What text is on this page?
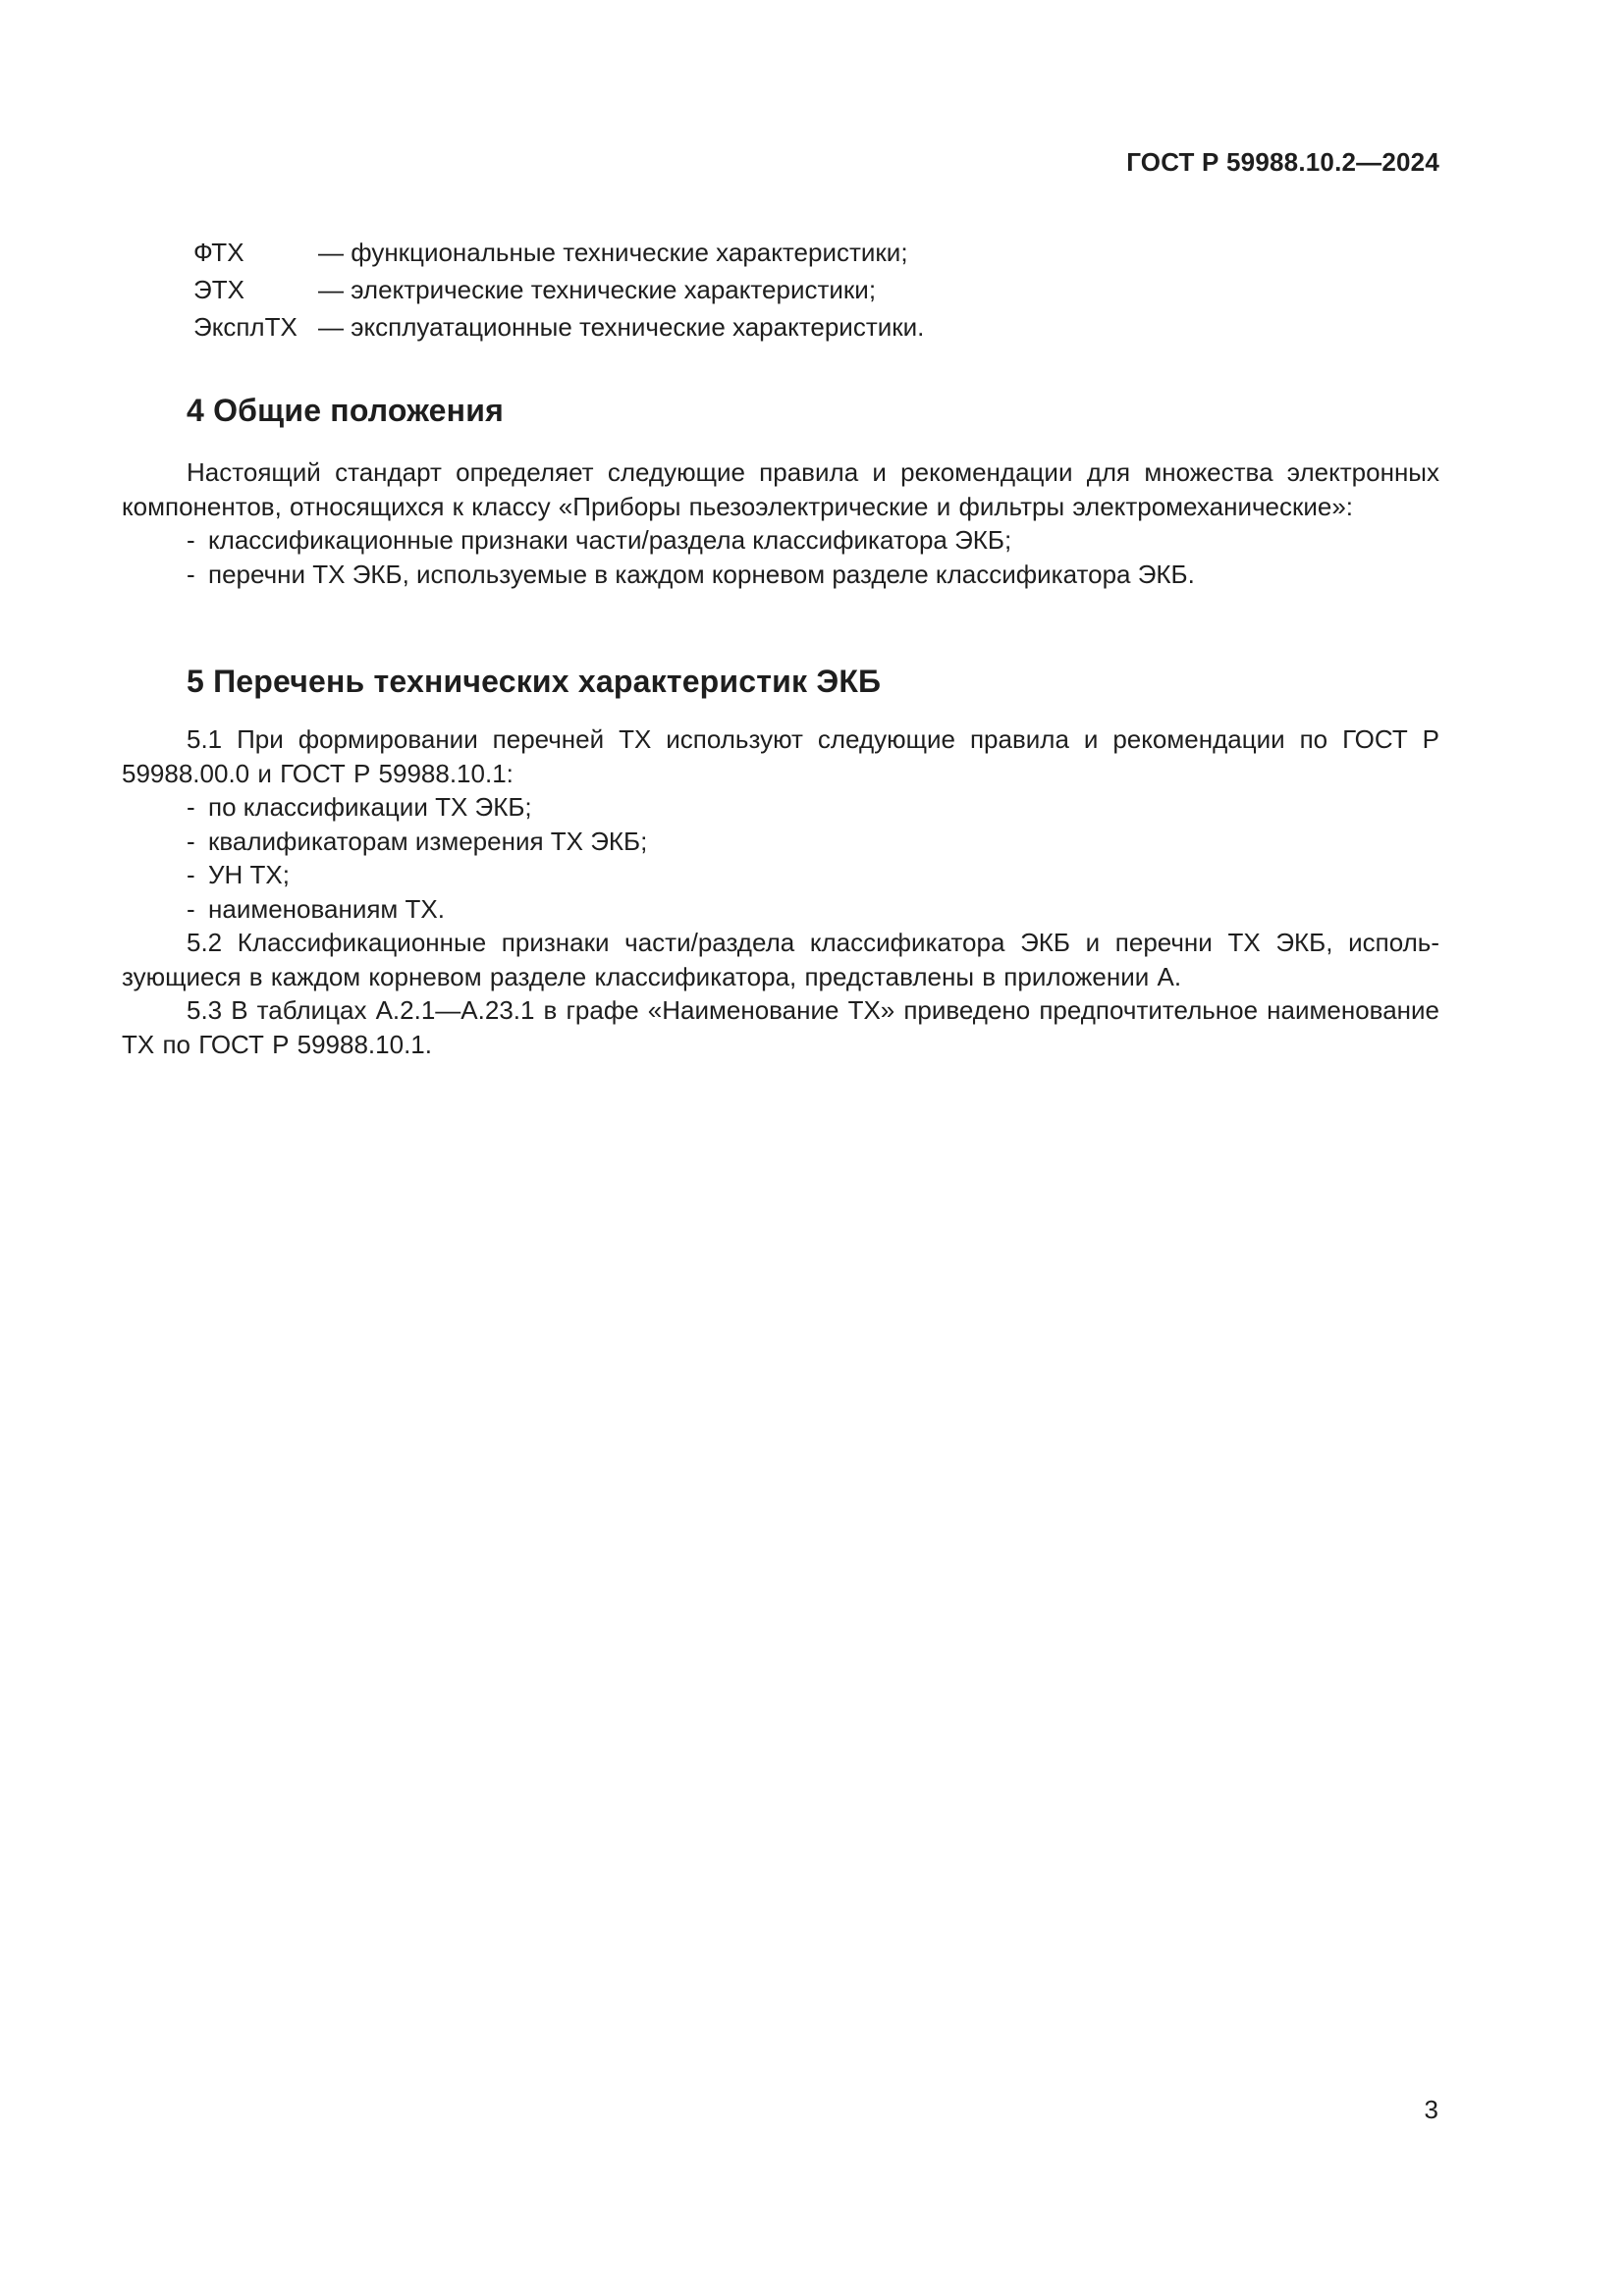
ГОСТ Р 59988.10.2—2024
ФТХ	— функциональные технические характеристики;
ЭТХ	— электрические технические характеристики;
ЭксплТХ — эксплуатационные технические характеристики.
4 Общие положения

Настоящий стандарт определяет следующие правила и рекомендации для множества электронных компонентов, относящихся к классу «Приборы пьезоэлектрические и фильтры электромеханические»:

- классификационные признаки части/раздела классификатора ЭКБ;

- перечни ТХ ЭКБ, используемые в каждом корневом разделе классификатора ЭКБ.

5 Перечень технических характеристик ЭКБ

5.1 При формировании перечней ТХ используют следующие правила и рекомендации по ГОСТ Р 59988.00.0 и ГОСТ Р 59988.10.1:

- по классификации ТХ ЭКБ;

- квалификаторам измерения ТХ ЭКБ;

- УН ТХ;

- наименованиям ТХ.

5.2 Классификационные признаки части/раздела классификатора ЭКБ и перечни ТХ ЭКБ, использующиеся в каждом корневом разделе классификатора, представлены в приложении А.

5.3 В таблицах А.2.1—А.23.1 в графе «Наименование ТХ» приведено предпочтительное наименование ТХ по ГОСТ Р 59988.10.1.

3
